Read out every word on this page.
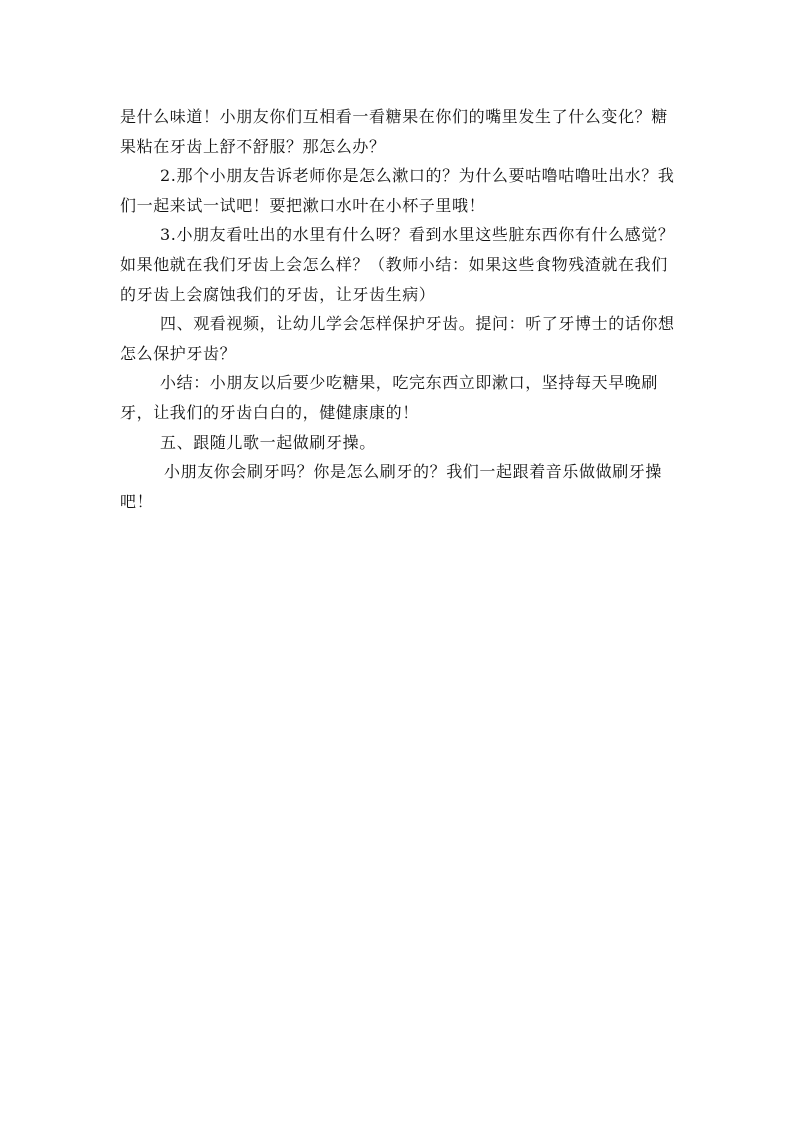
是什么味道！小朋友你们互相看一看糖果在你们的嘴里发生了什么变化？糖果粘在牙齿上舒不舒服？那怎么办？

2.那个小朋友告诉老师你是怎么漱口的？为什么要咕噜咕噜吐出水？我们一起来试一试吧！要把漱口水叶在小杯子里哦！

3.小朋友看吐出的水里有什么呀？看到水里这些脏东西你有什么感觉？如果他就在我们牙齿上会怎么样？（教师小结：如果这些食物残渣就在我们的牙齿上会腐蚀我们的牙齿，让牙齿生病）

四、观看视频，让幼儿学会怎样保护牙齿。提问：听了牙博士的话你想怎么保护牙齿？

小结：小朋友以后要少吃糖果，吃完东西立即漱口，坚持每天早晚刷牙，让我们的牙齿白白的，健健康康的！

五、跟随儿歌一起做刷牙操。

小朋友你会刷牙吗？你是怎么刷牙的？我们一起跟着音乐做做刷牙操吧！
